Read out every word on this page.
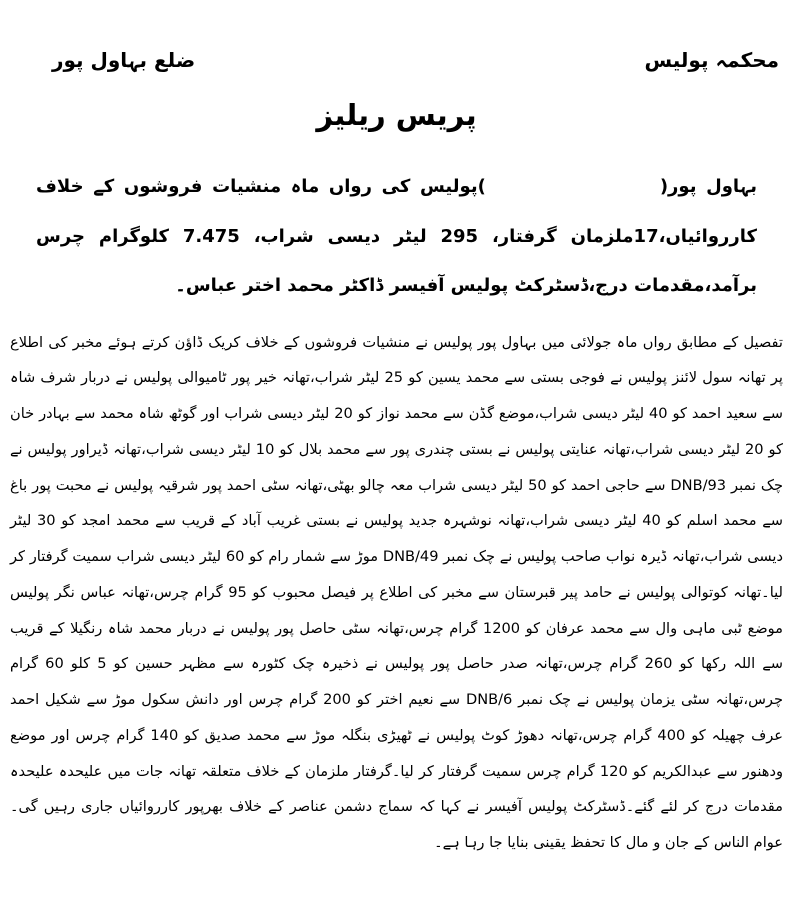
محکمہ پولیس
ضلع بہاول پور
پریس ریلیز

بہاول پور(                  )پولیس کی رواں ماہ منشیات فروشوں کے خلاف کارروائیاں،17ملزمان گرفتار، 295 لیٹر دیسی شراب، 7.475 کلوگرام چرس برآمد،مقدمات درج،ڈسٹرکٹ پولیس آفیسر ڈاکٹر محمد اختر عباس۔

تفصیل کے مطابق رواں ماہ جولائی میں بہاول پور پولیس نے منشیات فروشوں کے خلاف کریک ڈاؤن کرتے ہوئے مخبر کی اطلاع پر تھانہ سول لائنز پولیس نے فوجی بستی سے محمد یسین کو 25 لیٹر شراب،تھانہ خیر پور ٹامیوالی پولیس نے دربار شرف شاہ سے سعید احمد کو 40 لیٹر دیسی شراب،موضع گڈن سے محمد نواز کو 20 لیٹر دیسی شراب اور گوٹھ شاہ محمد سے بہادر خان کو 20 لیٹر دیسی شراب،تھانہ عنایتی پولیس نے بستی چندری پور سے محمد بلال کو 10 لیٹر دیسی شراب،تھانہ ڈیراور پولیس نے چک نمبر 93/DNB سے حاجی احمد کو 50 لیٹر دیسی شراب معہ چالو بھٹی،تھانہ سٹی احمد پور شرقیہ پولیس نے محبت پور باغ سے محمد اسلم کو 40 لیٹر دیسی شراب،تھانہ نوشہرہ جدید پولیس نے بستی غریب آباد کے قریب سے محمد امجد کو 30 لیٹر دیسی شراب،تھانہ ڈیرہ نواب صاحب پولیس نے چک نمبر 49/DNB موڑ سے شمار رام کو 60 لیٹر دیسی شراب سمیت گرفتار کر لیا۔تھانہ کوتوالی پولیس نے حامد پیر قبرستان سے مخبر کی اطلاع پر فیصل محبوب کو 95 گرام چرس،تھانہ عباس نگر پولیس موضع ٹبی ماہی وال سے محمد عرفان کو 1200 گرام چرس،تھانہ سٹی حاصل پور پولیس نے دربار محمد شاہ رنگیلا کے قریب سے اللہ رکھا کو 260 گرام چرس،تھانہ صدر حاصل پور پولیس نے ذخیرہ چک کٹورہ سے مظہر حسین کو 5 کلو 60 گرام چرس،تھانہ سٹی یزمان پولیس نے چک نمبر 6/DNB سے نعیم اختر کو 200 گرام چرس اور دانش سکول موڑ سے شکیل احمد عرف چھیلہ کو 400 گرام چرس،تھانہ دھوڑ کوٹ پولیس نے ٹھیڑی بنگلہ موڑ سے محمد صدیق کو 140 گرام چرس اور موضع ودھنور سے عبدالکریم کو 120 گرام چرس سمیت گرفتار کر لیا۔گرفتار ملزمان کے خلاف متعلقہ تھانہ جات میں علیحدہ علیحدہ مقدمات درج کر لئے گئے۔ڈسٹرکٹ پولیس آفیسر نے کہا کہ سماج دشمن عناصر کے خلاف بھرپور کارروائیاں جاری رہیں گی۔عوام الناس کے جان و مال کا تحفظ یقینی بنایا جا رہا ہے۔
